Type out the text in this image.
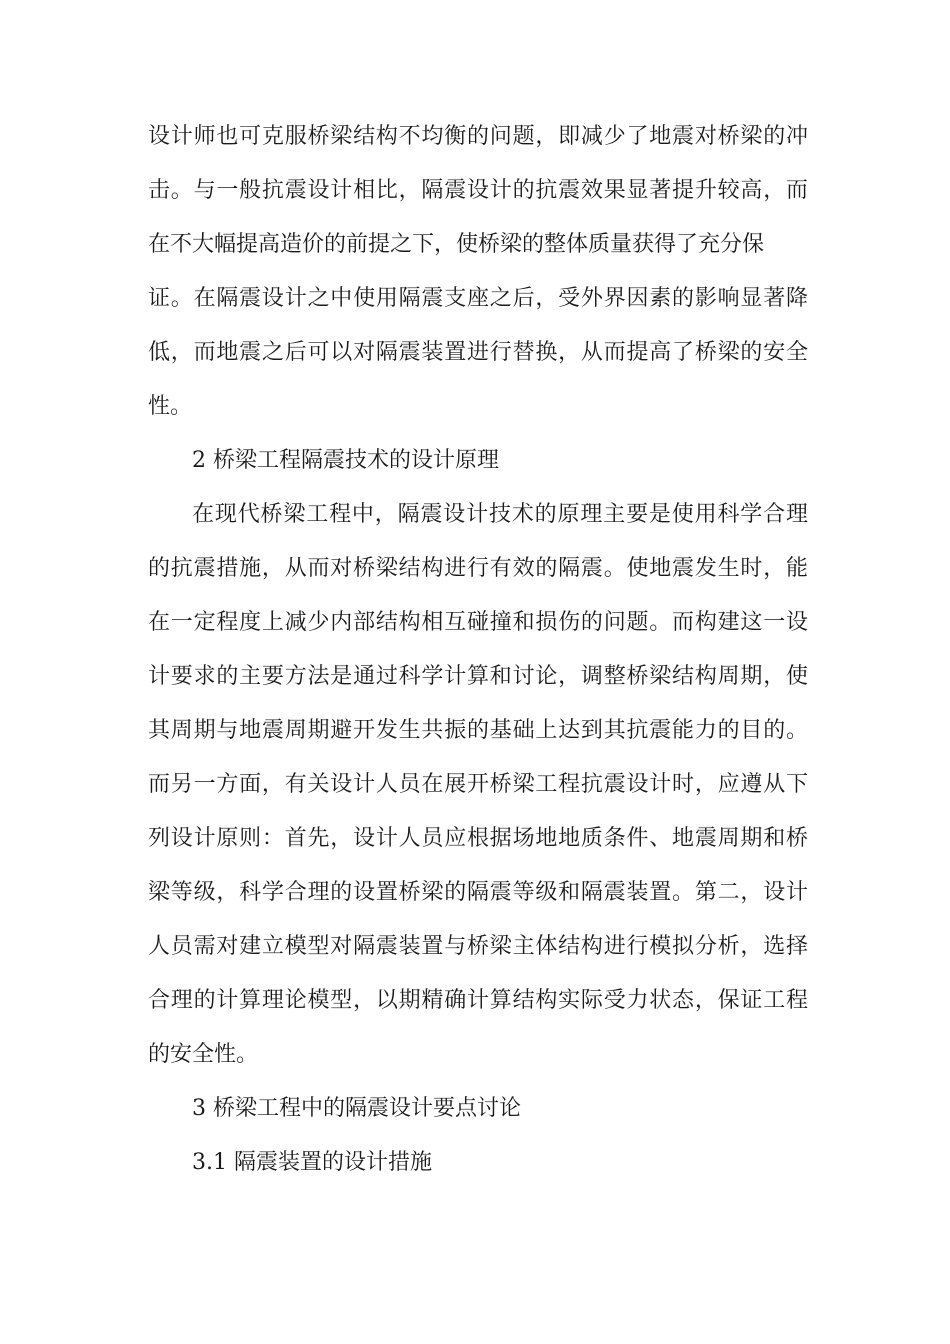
设计师也可克服桥梁结构不均衡的问题，即减少了地震对桥梁的冲

击。与一般抗震设计相比，隔震设计的抗震效果显著提升较高，而

在不大幅提高造价的前提之下，使桥梁的整体质量获得了充分保

证。在隔震设计之中使用隔震支座之后，受外界因素的影响显著降

低，而地震之后可以对隔震装置进行替换，从而提高了桥梁的安全

性。

2 桥梁工程隔震技术的设计原理

在现代桥梁工程中，隔震设计技术的原理主要是使用科学合理

的抗震措施，从而对桥梁结构进行有效的隔震。使地震发生时，能

在一定程度上减少内部结构相互碰撞和损伤的问题。而构建这一设

计要求的主要方法是通过科学计算和讨论，调整桥梁结构周期，使

其周期与地震周期避开发生共振的基础上达到其抗震能力的目的。

而另一方面，有关设计人员在展开桥梁工程抗震设计时，应遵从下

列设计原则：首先，设计人员应根据场地地质条件、地震周期和桥

梁等级，科学合理的设置桥梁的隔震等级和隔震装置。第二，设计

人员需对建立模型对隔震装置与桥梁主体结构进行模拟分析，选择

合理的计算理论模型，以期精确计算结构实际受力状态，保证工程

的安全性。

3 桥梁工程中的隔震设计要点讨论

3.1 隔震装置的设计措施
